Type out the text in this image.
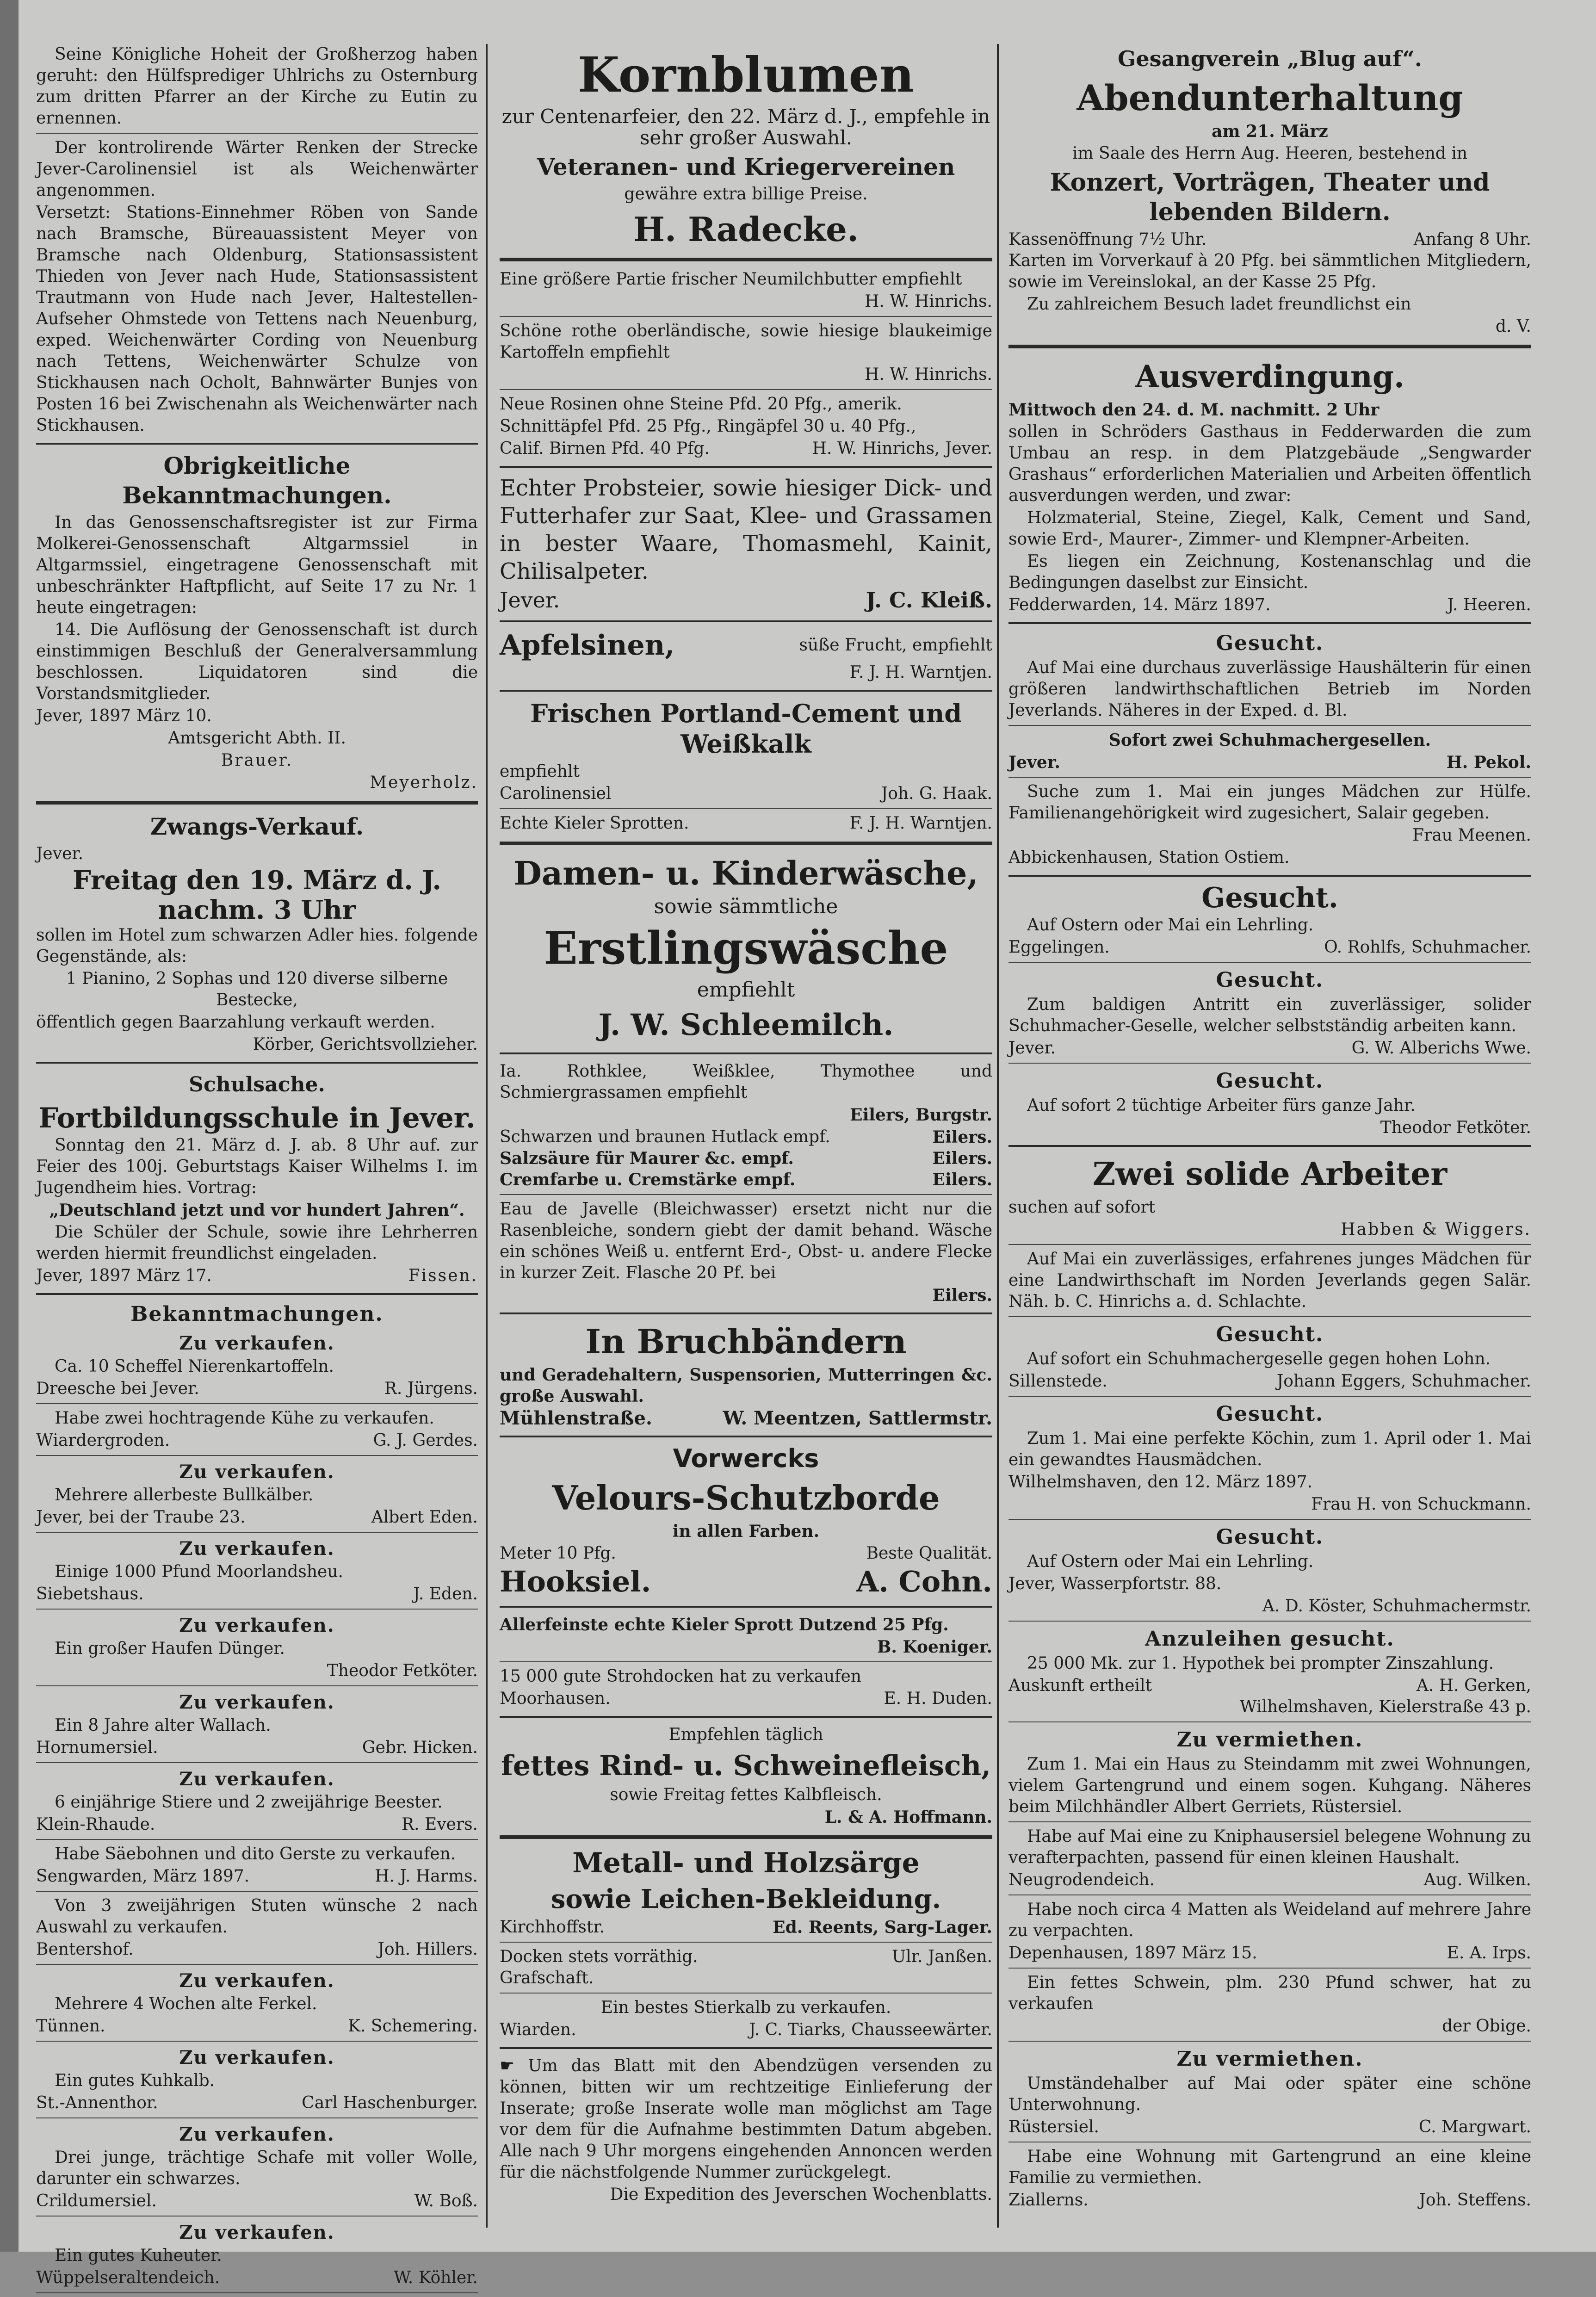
Seine Königliche Hoheit der Großherzog haben geruht: den Hülfsprediger Uhlrichs zu Osternburg zum dritten Pfarrer an der Kirche zu Eutin zu ernennen.

Der kontrolirende Wärter Renken der Strecke Jever-Carolinensiel ist als Weichenwärter angenommen.

Versetzt: Stations-Einnehmer Röben von Sande nach Bramsche, Büreauassistent Meyer von Bramsche nach Oldenburg, Stationsassistent Thieden von Jever nach Hude, Stationsassistent Trautmann von Hude nach Jever, Haltestellen-Aufseher Ohmstede von Tettens nach Neuenburg, exped. Weichenwärter Cording von Neuenburg nach Tettens, Weichenwärter Schulze von Stickhausen nach Ocholt, Bahnwärter Bunjes von Posten 16 bei Zwischenahn als Weichenwärter nach Stickhausen.

Obrigkeitliche Bekanntmachungen.

In das Genossenschaftsregister ist zur Firma Molkerei-Genossenschaft Altgarmssiel in Altgarmssiel, eingetragene Genossenschaft mit unbeschränkter Haftpflicht, auf Seite 17 zu Nr. 1 heute eingetragen:

14. Die Auflösung der Genossenschaft ist durch einstimmigen Beschluß der Generalversammlung beschlossen. Liquidatoren sind die Vorstandsmitglieder.

Jever, 1897 März 10.

Amtsgericht Abth. II.

Brauer.

Meyerholz.

Zwangs-Verkauf.

Jever.

Freitag den 19. März d. J.
nachm. 3 Uhr

sollen im Hotel zum schwarzen Adler hies. folgende Gegenstände, als:

1 Pianino, 2 Sophas und 120 diverse silberne Bestecke,

öffentlich gegen Baarzahlung verkauft werden.

Körber, Gerichtsvollzieher.

Schulsache.
Fortbildungsschule in Jever.

Sonntag den 21. März d. J. ab. 8 Uhr auf. zur Feier des 100j. Geburtstags Kaiser Wilhelms I. im Jugendheim hies. Vortrag:

„Deutschland jetzt und vor hundert Jahren“.

Die Schüler der Schule, sowie ihre Lehrherren werden hiermit freundlichst eingeladen.

Jever, 1897 März 17.	Fissen.
Bekanntmachungen.
Zu verkaufen.

Ca. 10 Scheffel Nierenkartoffeln.

Dreesche bei Jever.	R. Jürgens.

Habe zwei hochtragende Kühe zu verkaufen.

Wiardergroden.	G. J. Gerdes.
Zu verkaufen.

Mehrere allerbeste Bullkälber.

Jever, bei der Traube 23.	Albert Eden.
Zu verkaufen.

Einige 1000 Pfund Moorlandsheu.

Siebetshaus.	J. Eden.
Zu verkaufen.

Ein großer Haufen Dünger.

Theodor Fetköter.
Zu verkaufen.

Ein 8 Jahre alter Wallach.

Hornumersiel.	Gebr. Hicken.
Zu verkaufen.

6 einjährige Stiere und 2 zweijährige Beester.

Klein-Rhaude.	R. Evers.

Habe Säebohnen und dito Gerste zu verkaufen.

Sengwarden, März 1897.	H. J. Harms.

Von 3 zweijährigen Stuten wünsche 2 nach Auswahl zu verkaufen.

Bentershof.	Joh. Hillers.
Zu verkaufen.

Mehrere 4 Wochen alte Ferkel.

Tünnen.	K. Schemering.
Zu verkaufen.

Ein gutes Kuhkalb.

St.-Annenthor.	Carl Haschenburger.
Zu verkaufen.

Drei junge, trächtige Schafe mit voller Wolle, darunter ein schwarzes.

Crildumersiel.	W. Boß.
Zu verkaufen.

Ein gutes Kuheuter.

Wüppelseraltendeich.	W. Köhler.
Kornblumen

zur Centenarfeier, den 22. März d. J., empfehle in sehr großer Auswahl.

Veteranen- und Kriegervereinen

gewähre extra billige Preise.

H. Radecke.

Eine größere Partie frischer Neumilchbutter empfiehlt

H. W. Hinrichs.

Schöne rothe oberländische, sowie hiesige blaukeimige Kartoffeln empfiehlt

H. W. Hinrichs.

Neue Rosinen ohne Steine Pfd. 20 Pfg., amerik.

Schnittäpfel Pfd. 25 Pfg., Ringäpfel 30 u. 40 Pfg.,

Calif. Birnen Pfd. 40 Pfg.	H. W. Hinrichs, Jever.

Echter Probsteier, sowie hiesiger Dick- und Futterhafer zur Saat, Klee- und Grassamen in bester Waare, Thomasmehl, Kainit, Chilisalpeter.

Jever.	J. C. Kleiß.
Apfelsinen,	süße Frucht, empfiehlt

F. J. H. Warntjen.

Frischen Portland-Cement und Weißkalk

empfiehlt

Carolinensiel	Joh. G. Haak.
Echte Kieler Sprotten.	F. J. H. Warntjen.
Damen- u. Kinderwäsche,

sowie sämmtliche

Erstlingswäsche

empfiehlt

J. W. Schleemilch.

Ia. Rothklee, Weißklee, Thymothee und Schmiergrassamen empfiehlt

Eilers, Burgstr.

Schwarzen und braunen Hutlack empf.	Eilers.
Salzsäure für Maurer &c. empf.	Eilers.
Cremfarbe u. Cremstärke empf.	Eilers.

Eau de Javelle (Bleichwasser) ersetzt nicht nur die Rasenbleiche, sondern giebt der damit behand. Wäsche ein schönes Weiß u. entfernt Erd-, Obst- u. andere Flecke in kurzer Zeit. Flasche 20 Pf. bei

Eilers.

In Bruchbändern

und Geradehaltern, Suspensorien, Mutterringen &c. große Auswahl.

Mühlenstraße.	W. Meentzen, Sattlermstr.
Vorwercks
Velours-Schutzborde

in allen Farben.

Meter 10 Pfg.	Beste Qualität.
Hooksiel.	A. Cohn.

Allerfeinste echte Kieler Sprott Dutzend 25 Pfg.

B. Koeniger.

15 000 gute Strohdocken hat zu verkaufen

Moorhausen.	E. H. Duden.

Empfehlen täglich

fettes Rind- u. Schweinefleisch,

sowie Freitag fettes Kalbfleisch.

L. & A. Hoffmann.

Metall- und Holzsärge
sowie Leichen-Bekleidung.
Kirchhoffstr.	Ed. Reents, Sarg-Lager.
Docken stets vorräthig.	Ulr. Janßen.

Grafschaft.

Ein bestes Stierkalb zu verkaufen.

Wiarden.	J. C. Tiarks, Chausseewärter.

☛ Um das Blatt mit den Abendzügen versenden zu können, bitten wir um rechtzeitige Einlieferung der Inserate; große Inserate wolle man möglichst am Tage vor dem für die Aufnahme bestimmten Datum abgeben. Alle nach 9 Uhr morgens eingehenden Annoncen werden für die nächstfolgende Nummer zurückgelegt.

Die Expedition des Jeverschen Wochenblatts.

Gesangverein „Blug auf“.
Abendunterhaltung

am 21. März

im Saale des Herrn Aug. Heeren, bestehend in

Konzert, Vorträgen, Theater und lebenden Bildern.
Kassenöffnung 7½ Uhr.	Anfang 8 Uhr.

Karten im Vorverkauf à 20 Pfg. bei sämmtlichen Mitgliedern, sowie im Vereinslokal, an der Kasse 25 Pfg.

Zu zahlreichem Besuch ladet freundlichst ein

d. V.

Ausverdingung.

Mittwoch den 24. d. M. nachmitt. 2 Uhr

sollen in Schröders Gasthaus in Fedderwarden die zum Umbau an resp. in dem Platzgebäude „Sengwarder Grashaus“ erforderlichen Materialien und Arbeiten öffentlich ausverdungen werden, und zwar:

Holzmaterial, Steine, Ziegel, Kalk, Cement und Sand, sowie Erd-, Maurer-, Zimmer- und Klempner-Arbeiten.

Es liegen ein Zeichnung, Kostenanschlag und die Bedingungen daselbst zur Einsicht.

Fedderwarden, 14. März 1897.	J. Heeren.
Gesucht.

Auf Mai eine durchaus zuverlässige Haushälterin für einen größeren landwirthschaftlichen Betrieb im Norden Jeverlands. Näheres in der Exped. d. Bl.

Sofort zwei Schuhmachergesellen.

Jever.	H. Pekol.

Suche zum 1. Mai ein junges Mädchen zur Hülfe. Familienangehörigkeit wird zugesichert, Salair gegeben.

Frau Meenen.

Abbickenhausen, Station Ostiem.

Gesucht.

Auf Ostern oder Mai ein Lehrling.

Eggelingen.	O. Rohlfs, Schuhmacher.
Gesucht.

Zum baldigen Antritt ein zuverlässiger, solider Schuhmacher-Geselle, welcher selbstständig arbeiten kann.

Jever.	G. W. Alberichs Wwe.
Gesucht.

Auf sofort 2 tüchtige Arbeiter fürs ganze Jahr.

Theodor Fetköter.

Zwei solide Arbeiter

suchen auf sofort

Habben & Wiggers.

Auf Mai ein zuverlässiges, erfahrenes junges Mädchen für eine Landwirthschaft im Norden Jeverlands gegen Salär. Näh. b. C. Hinrichs a. d. Schlachte.

Gesucht.

Auf sofort ein Schuhmachergeselle gegen hohen Lohn.

Sillenstede.	Johann Eggers, Schuhmacher.
Gesucht.

Zum 1. Mai eine perfekte Köchin, zum 1. April oder 1. Mai ein gewandtes Hausmädchen.

Wilhelmshaven, den 12. März 1897.

Frau H. von Schuckmann.

Gesucht.

Auf Ostern oder Mai ein Lehrling.

Jever, Wasserpfortstr. 88.

A. D. Köster, Schuhmachermstr.

Anzuleihen gesucht.

25 000 Mk. zur 1. Hypothek bei prompter Zinszahlung.

Auskunft ertheilt	A. H. Gerken,

Wilhelmshaven, Kielerstraße 43 p.

Zu vermiethen.

Zum 1. Mai ein Haus zu Steindamm mit zwei Wohnungen, vielem Gartengrund und einem sogen. Kuhgang. Näheres beim Milchhändler Albert Gerriets, Rüstersiel.

Habe auf Mai eine zu Kniphausersiel belegene Wohnung zu verafterpachten, passend für einen kleinen Haushalt.

Neugrodendeich.	Aug. Wilken.

Habe noch circa 4 Matten als Weideland auf mehrere Jahre zu verpachten.

Depenhausen, 1897 März 15.	E. A. Irps.

Ein fettes Schwein, plm. 230 Pfund schwer, hat zu verkaufen

der Obige.

Zu vermiethen.

Umständehalber auf Mai oder später eine schöne Unterwohnung.

Rüstersiel.	C. Margwart.

Habe eine Wohnung mit Gartengrund an eine kleine Familie zu vermiethen.

Ziallerns.	Joh. Steffens.
